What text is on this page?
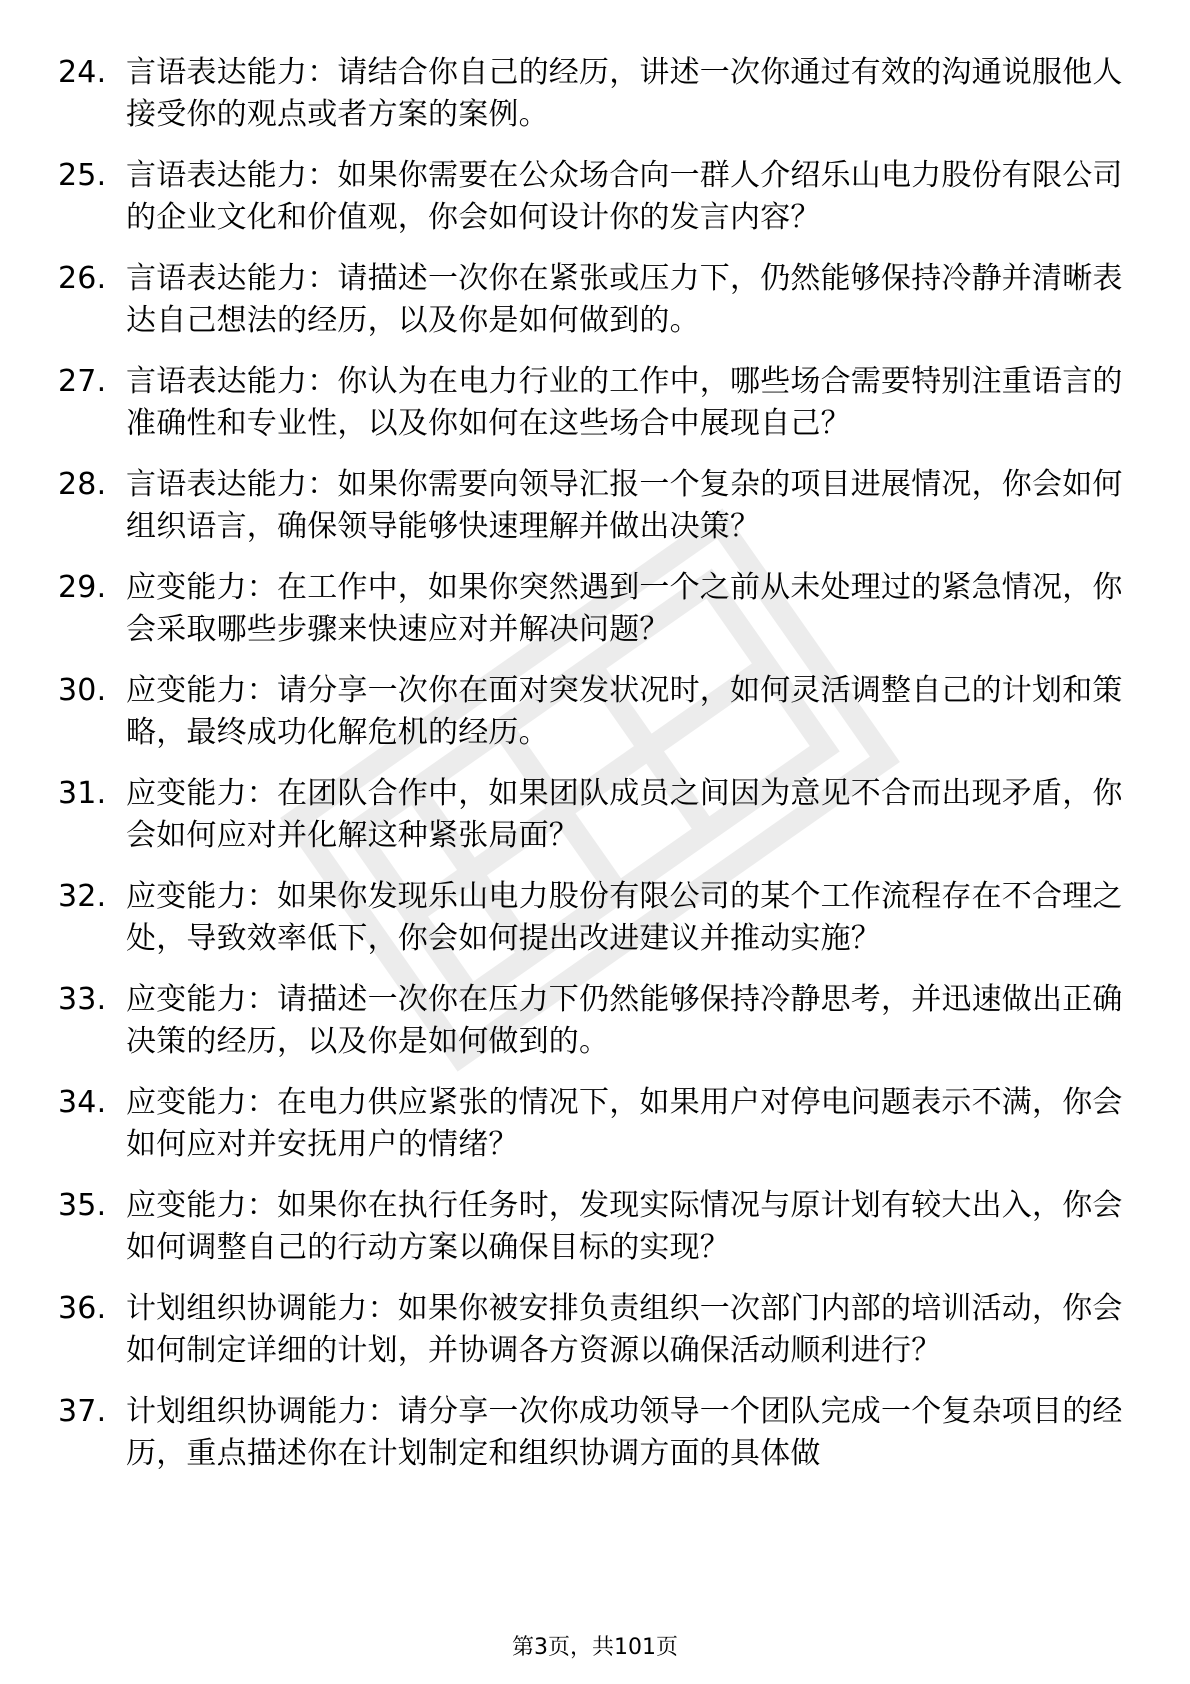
24. 言语表达能力：请结合你自己的经历，讲述一次你通过有效的沟通说服他人接受你的观点或者方案的案例。
25. 言语表达能力：如果你需要在公众场合向一群人介绍乐山电力股份有限公司的企业文化和价值观，你会如何设计你的发言内容？
26. 言语表达能力：请描述一次你在紧张或压力下，仍然能够保持冷静并清晰表达自己想法的经历，以及你是如何做到的。
27. 言语表达能力：你认为在电力行业的工作中，哪些场合需要特别注重语言的准确性和专业性，以及你如何在这些场合中展现自己？
28. 言语表达能力：如果你需要向领导汇报一个复杂的项目进展情况，你会如何组织语言，确保领导能够快速理解并做出决策？
29. 应变能力：在工作中，如果你突然遇到一个之前从未处理过的紧急情况，你会采取哪些步骤来快速应对并解决问题？
30. 应变能力：请分享一次你在面对突发状况时，如何灵活调整自己的计划和策略，最终成功化解危机的经历。
31. 应变能力：在团队合作中，如果团队成员之间因为意见不合而出现矛盾，你会如何应对并化解这种紧张局面？
32. 应变能力：如果你发现乐山电力股份有限公司的某个工作流程存在不合理之处，导致效率低下，你会如何提出改进建议并推动实施？
33. 应变能力：请描述一次你在压力下仍然能够保持冷静思考，并迅速做出正确决策的经历，以及你是如何做到的。
34. 应变能力：在电力供应紧张的情况下，如果用户对停电问题表示不满，你会如何应对并安抚用户的情绪？
35. 应变能力：如果你在执行任务时，发现实际情况与原计划有较大出入，你会如何调整自己的行动方案以确保目标的实现？
36. 计划组织协调能力：如果你被安排负责组织一次部门内部的培训活动，你会如何制定详细的计划，并协调各方资源以确保活动顺利进行？
37. 计划组织协调能力：请分享一次你成功领导一个团队完成一个复杂项目的经历，重点描述你在计划制定和组织协调方面的具体做
第3页，共101页
